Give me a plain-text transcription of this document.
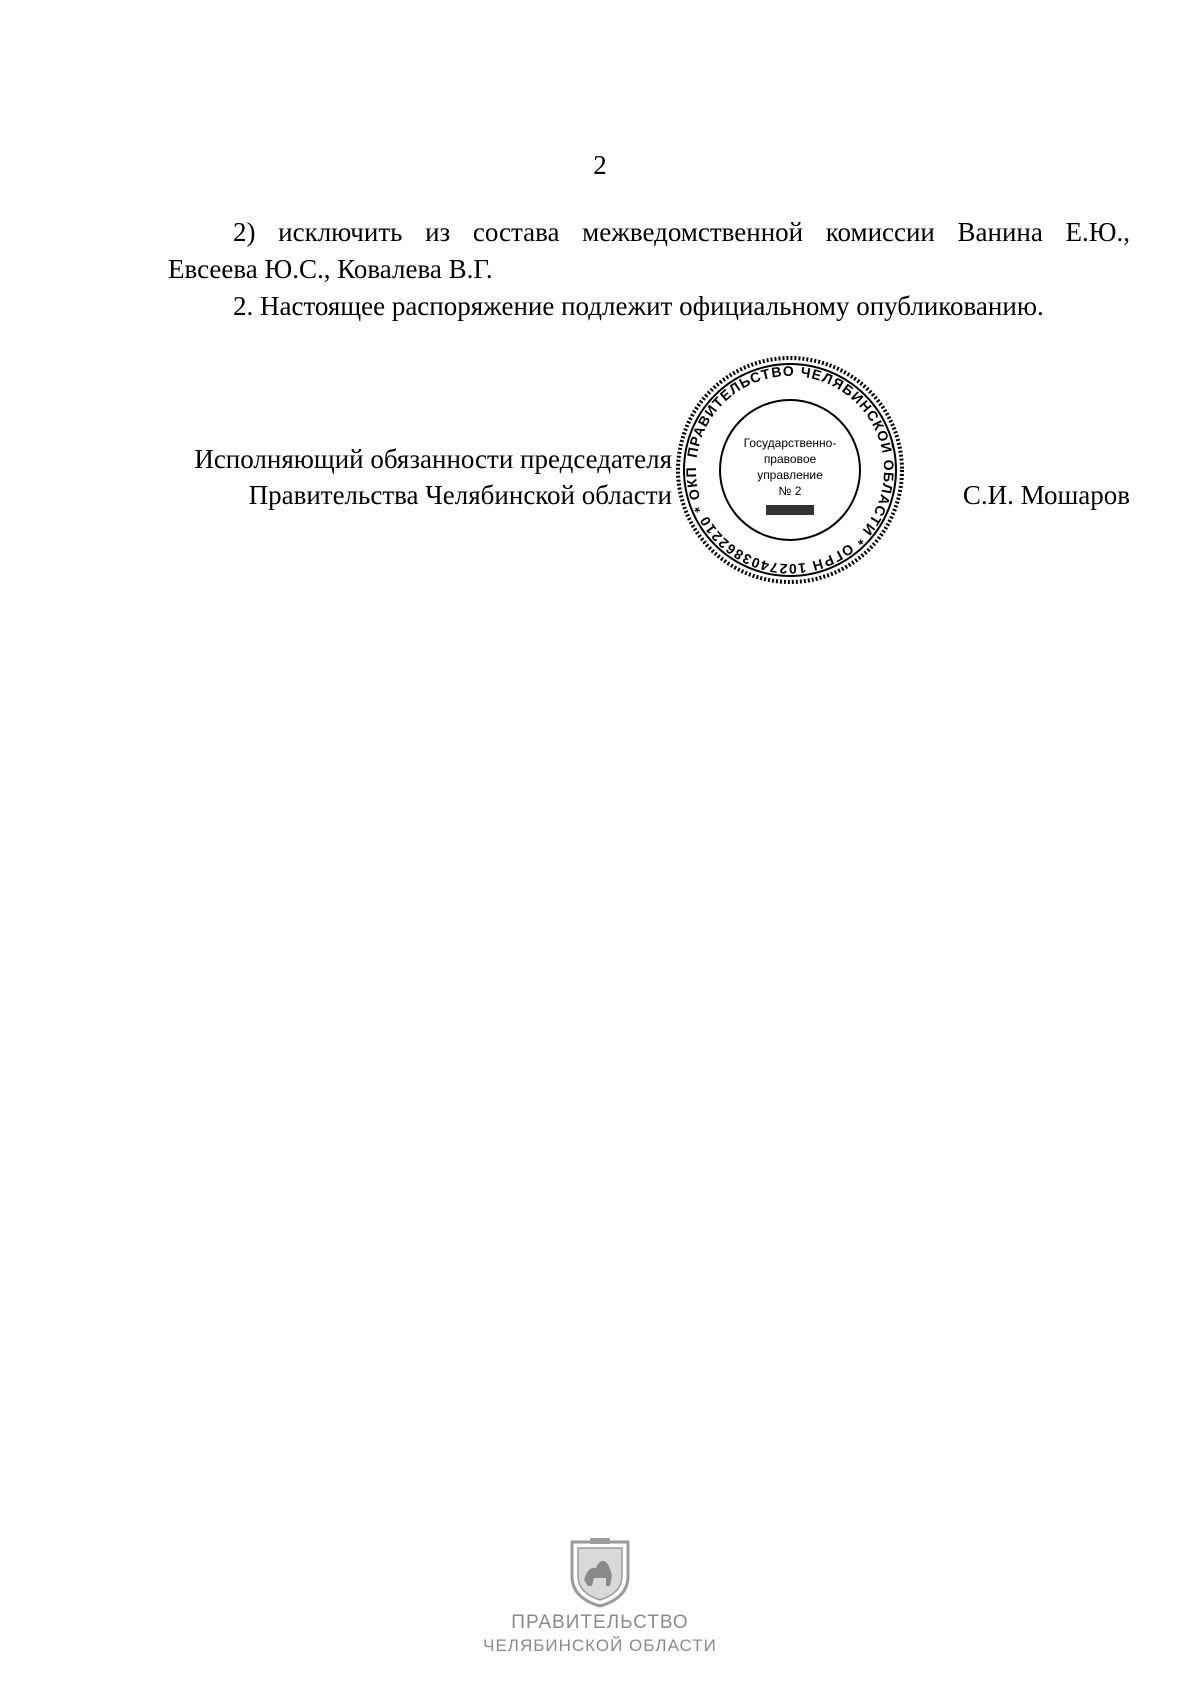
2

2) исключить из состава межведомственной комиссии Ванина Е.Ю.,

Евсеева Ю.С., Ковалева В.Г.

2. Настоящее распоряжение подлежит официальному опубликованию.

Исполняющий обязанности председателя
Правительства Челябинской области
ПРАВИТЕЛЬСТВО ЧЕЛЯБИНСКОЙ ОБЛАСТИ * ОГРН 1027403862210 * ОКП
Государственно-
правовое
управление
№ 2	С.И. Мошаров
ПРАВИТЕЛЬСТВО
ЧЕЛЯБИНСКОЙ ОБЛАСТИ
